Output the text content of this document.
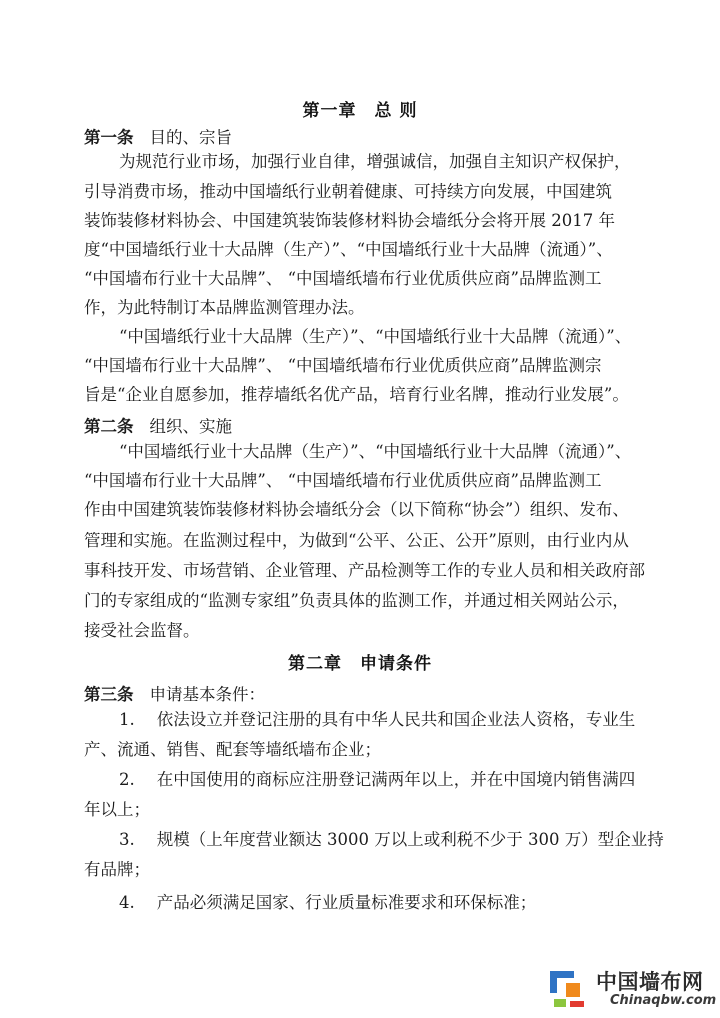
第一章　总 则
第一条 目的、宗旨
为规范行业市场，加强行业自律，增强诚信，加强自主知识产权保护，
引导消费市场，推动中国墙纸行业朝着健康、可持续方向发展，中国建筑
装饰装修材料协会、中国建筑装饰装修材料协会墙纸分会将开展 2017 年
度“中国墙纸行业十大品牌（生产）”、“中国墙纸行业十大品牌（流通）”、
“中国墙布行业十大品牌”、 “中国墙纸墙布行业优质供应商”品牌监测工
作，为此特制订本品牌监测管理办法。
“中国墙纸行业十大品牌（生产）”、“中国墙纸行业十大品牌（流通）”、
“中国墙布行业十大品牌”、 “中国墙纸墙布行业优质供应商”品牌监测宗
旨是“企业自愿参加，推荐墙纸名优产品，培育行业名牌，推动行业发展”。
第二条 组织、实施
“中国墙纸行业十大品牌（生产）”、“中国墙纸行业十大品牌（流通）”、
“中国墙布行业十大品牌”、 “中国墙纸墙布行业优质供应商”品牌监测工
作由中国建筑装饰装修材料协会墙纸分会（以下简称“协会”）组织、发布、
管理和实施。在监测过程中，为做到“公平、公正、公开”原则，由行业内从
事科技开发、市场营销、企业管理、产品检测等工作的专业人员和相关政府部
门的专家组成的“监测专家组”负责具体的监测工作，并通过相关网站公示，
接受社会监督。
第二章　申请条件
第三条 申请基本条件：
1. 依法设立并登记注册的具有中华人民共和国企业法人资格，专业生
产、流通、销售、配套等墙纸墙布企业；
2. 在中国使用的商标应注册登记满两年以上，并在中国境内销售满四
年以上；
3. 规模（上年度营业额达 3000 万以上或利税不少于 300 万）型企业持
有品牌；
4. 产品必须满足国家、行业质量标准要求和环保标准；
中国墙布网
Chinaqbw.com
